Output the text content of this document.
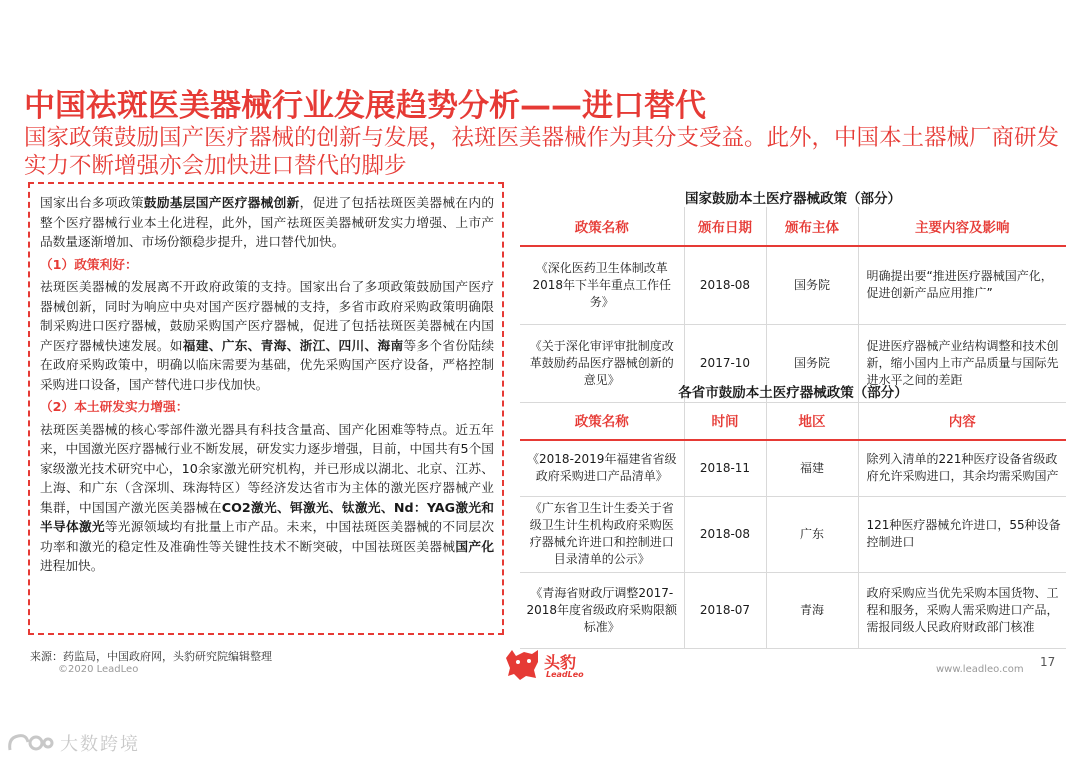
中国祛斑医美器械行业发展趋势分析——进口替代
国家政策鼓励国产医疗器械的创新与发展，祛斑医美器械作为其分支受益。此外，中国本土器械厂商研发实力不断增强亦会加快进口替代的脚步

国家出台多项政策鼓励基层国产医疗器械创新，促进了包括祛斑医美器械在内的整个医疗器械行业本土化进程，此外，国产祛斑医美器械研发实力增强、上市产品数量逐渐增加、市场份额稳步提升，进口替代加快。

（1）政策利好：

祛斑医美器械的发展离不开政府政策的支持。国家出台了多项政策鼓励国产医疗器械创新，同时为响应中央对国产医疗器械的支持，多省市政府采购政策明确限制采购进口医疗器械，鼓励采购国产医疗器械，促进了包括祛斑医美器械在内国产医疗器械快速发展。如福建、广东、青海、浙江、四川、海南等多个省份陆续在政府采购政策中，明确以临床需要为基础，优先采购国产医疗设备，严格控制采购进口设备，国产替代进口步伐加快。

（2）本土研发实力增强：

祛斑医美器械的核心零部件激光器具有科技含量高、国产化困难等特点。近五年来，中国激光医疗器械行业不断发展，研发实力逐步增强，目前，中国共有5个国家级激光技术研究中心，10余家激光研究机构，并已形成以湖北、北京、江苏、上海、和广东（含深圳、珠海特区）等经济发达省市为主体的激光医疗器械产业集群，中国国产激光医美器械在CO2激光、铒激光、钛激光、Nd：YAG激光和半导体激光等光源领域均有批量上市产品。未来，中国祛斑医美器械的不同层次功率和激光的稳定性及准确性等关键性技术不断突破，中国祛斑医美器械国产化进程加快。

国家鼓励本土医疗器械政策（部分）
政策名称	颁布日期	颁布主体	主要内容及影响
《深化医药卫生体制改革2018年下半年重点工作任务》	2018-08	国务院	明确提出要“推进医疗器械国产化，促进创新产品应用推广”
《关于深化审评审批制度改革鼓励药品医疗器械创新的意见》	2017-10	国务院	促进医疗器械产业结构调整和技术创新，缩小国内上市产品质量与国际先进水平之间的差距
各省市鼓励本土医疗器械政策（部分）
政策名称	时间	地区	内容
《2018-2019年福建省省级政府采购进口产品清单》	2018-11	福建	除列入清单的221种医疗设备省级政府允许采购进口，其余均需采购国产
《广东省卫生计生委关于省级卫生计生机构政府采购医疗器械允许进口和控制进口目录清单的公示》	2018-08	广东	121种医疗器械允许进口，55种设备控制进口
《青海省财政厅调整2017-2018年度省级政府采购限额标准》	2018-07	青海	政府采购应当优先采购本国货物、工程和服务，采购人需采购进口产品，需报同级人民政府财政部门核准
来源：药监局，中国政府网，头豹研究院编辑整理
©2020 LeadLeo	头豹
LeadLeo	www.leadleo.com
17
大数跨境
